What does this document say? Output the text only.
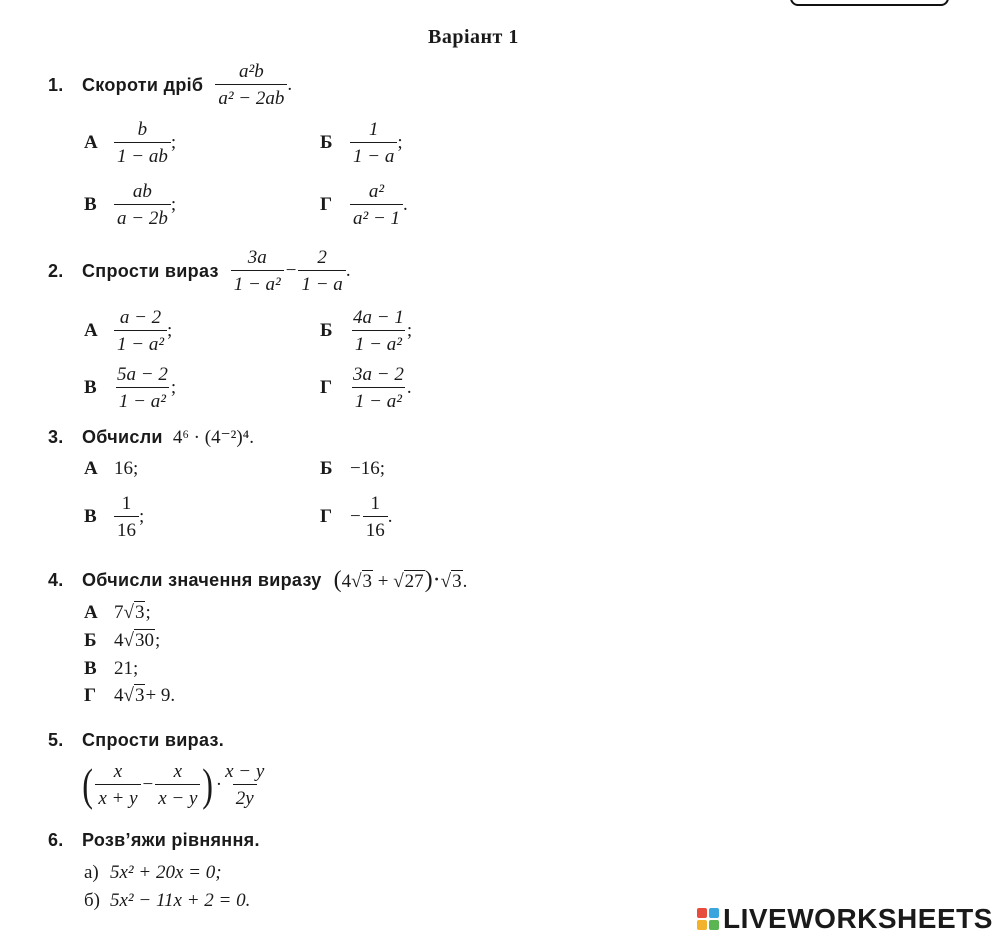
Варіант 1
1.	Скороти дріб $\frac{\text{a²b}}{\text{a² − 2ab}}$ .
А $\frac{b}{1 - ab}$ ;	Б $\frac{1}{1 - a}$ ;
В $\frac{ab}{a - 2b}$ ;	Г $\frac{\text{a²}}{\text{a² − 1}}$ .
2.	Спрости вираз $\frac{3a}{\text{1 − a²}} - \frac{2}{1 - a}$ .
А $\frac{a - 2}{\text{1 − a²}}$ ;	Б $\frac{4a - 1}{\text{1 − a²}}$ ;
В $\frac{5a - 2}{\text{1 − a²}}$ ;	Г $\frac{3a - 2}{\text{1 − a²}}$ .
3.	Обчисли 4⁶ · (4⁻²)⁴.
А 16;	Б −16;
В $\frac{1}{16}$ ;	$Г - \frac{1}{16}$ .
4.	Обчисли значення виразу (4√3 + √27)·√3.
А 7√3;
Б 4√30;
В 21;
Г 4√3+ 9.
5.	Спрости вираз.
( $\frac{x}{x + y} - \frac{x}{x - y}$ ) · $\frac{x - y}{2y}$
6.	Розв’яжи рівняння.
а) 5x² + 20x = 0;
б) 5x² − 11x + 2 = 0.
LIVEWORKSHEETS
